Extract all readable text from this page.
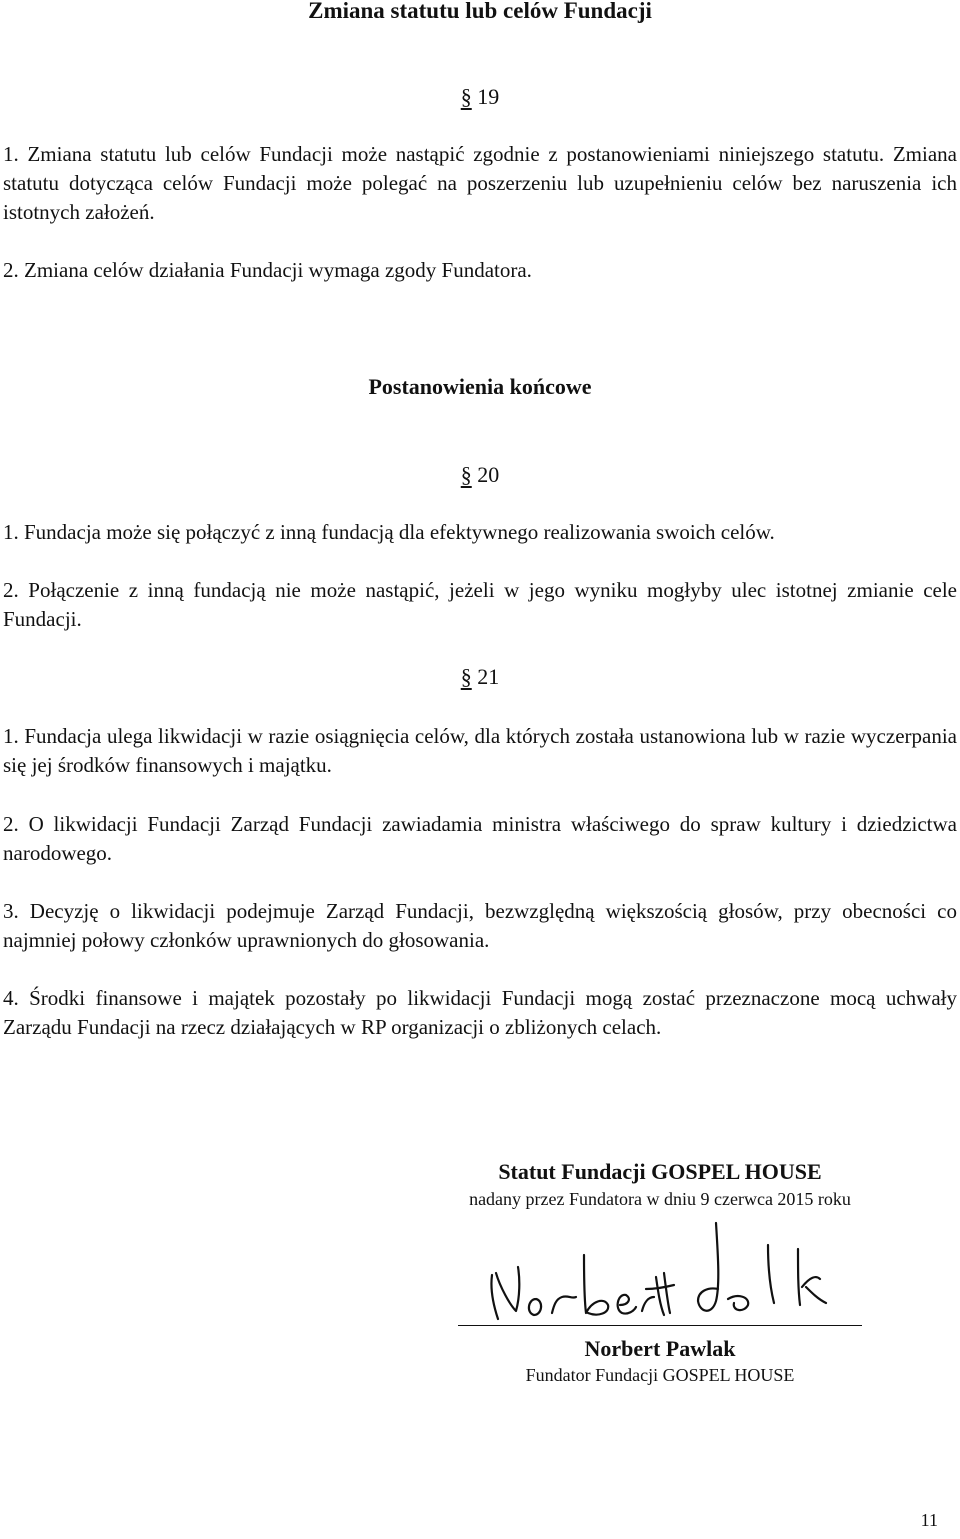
Zmiana statutu lub celów Fundacji
§ 19
1. Zmiana statutu lub celów Fundacji może nastąpić zgodnie z postanowieniami niniejszego statutu. Zmiana statutu dotycząca celów Fundacji może polegać na poszerzeniu lub uzupełnieniu celów bez naruszenia ich istotnych założeń.
2. Zmiana celów działania Fundacji wymaga zgody Fundatora.
Postanowienia końcowe
§ 20
1. Fundacja może się połączyć z inną fundacją dla efektywnego realizowania swoich celów.
2. Połączenie z inną fundacją nie może nastąpić, jeżeli w jego wyniku mogłyby ulec istotnej zmianie cele Fundacji.
§ 21
1. Fundacja ulega likwidacji w razie osiągnięcia celów, dla których została ustanowiona lub w razie wyczerpania się jej środków finansowych i majątku.
2. O likwidacji Fundacji Zarząd Fundacji zawiadamia ministra właściwego do spraw kultury i dziedzictwa narodowego.
3. Decyzję o likwidacji podejmuje Zarząd Fundacji, bezwzględną większością głosów, przy obecności co najmniej połowy członków uprawnionych do głosowania.
4. Środki finansowe i majątek pozostały po likwidacji Fundacji mogą zostać przeznaczone mocą uchwały Zarządu Fundacji na rzecz działających w RP organizacji o zbliżonych celach.
Statut Fundacji GOSPEL HOUSE
nadany przez Fundatora w dniu 9 czerwca 2015 roku
Norbert Pawlak
Fundator Fundacji GOSPEL HOUSE
11
